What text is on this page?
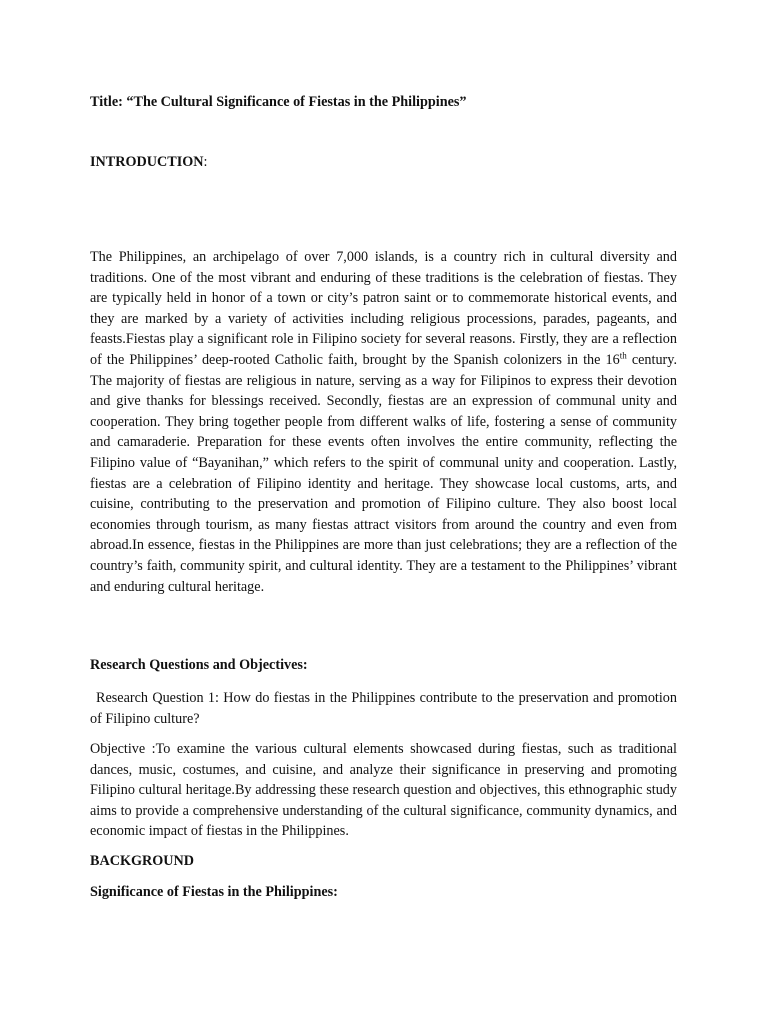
Title: “The Cultural Significance of Fiestas in the Philippines”
INTRODUCTION:
The Philippines, an archipelago of over 7,000 islands, is a country rich in cultural diversity and traditions. One of the most vibrant and enduring of these traditions is the celebration of fiestas. They are typically held in honor of a town or city’s patron saint or to commemorate historical events, and they are marked by a variety of activities including religious processions, parades, pageants, and feasts.Fiestas play a significant role in Filipino society for several reasons. Firstly, they are a reflection of the Philippines’ deep-rooted Catholic faith, brought by the Spanish colonizers in the 16th century. The majority of fiestas are religious in nature, serving as a way for Filipinos to express their devotion and give thanks for blessings received. Secondly, fiestas are an expression of communal unity and cooperation. They bring together people from different walks of life, fostering a sense of community and camaraderie. Preparation for these events often involves the entire community, reflecting the Filipino value of “Bayanihan,” which refers to the spirit of communal unity and cooperation. Lastly, fiestas are a celebration of Filipino identity and heritage. They showcase local customs, arts, and cuisine, contributing to the preservation and promotion of Filipino culture. They also boost local economies through tourism, as many fiestas attract visitors from around the country and even from abroad.In essence, fiestas in the Philippines are more than just celebrations; they are a reflection of the country’s faith, community spirit, and cultural identity. They are a testament to the Philippines’ vibrant and enduring cultural heritage.
Research Questions and Objectives:
Research Question 1: How do fiestas in the Philippines contribute to the preservation and promotion of Filipino culture?
Objective :To examine the various cultural elements showcased during fiestas, such as traditional dances, music, costumes, and cuisine, and analyze their significance in preserving and promoting Filipino cultural heritage.By addressing these research question and objectives, this ethnographic study aims to provide a comprehensive understanding of the cultural significance, community dynamics, and economic impact of fiestas in the Philippines.
BACKGROUND
Significance of Fiestas in the Philippines:
